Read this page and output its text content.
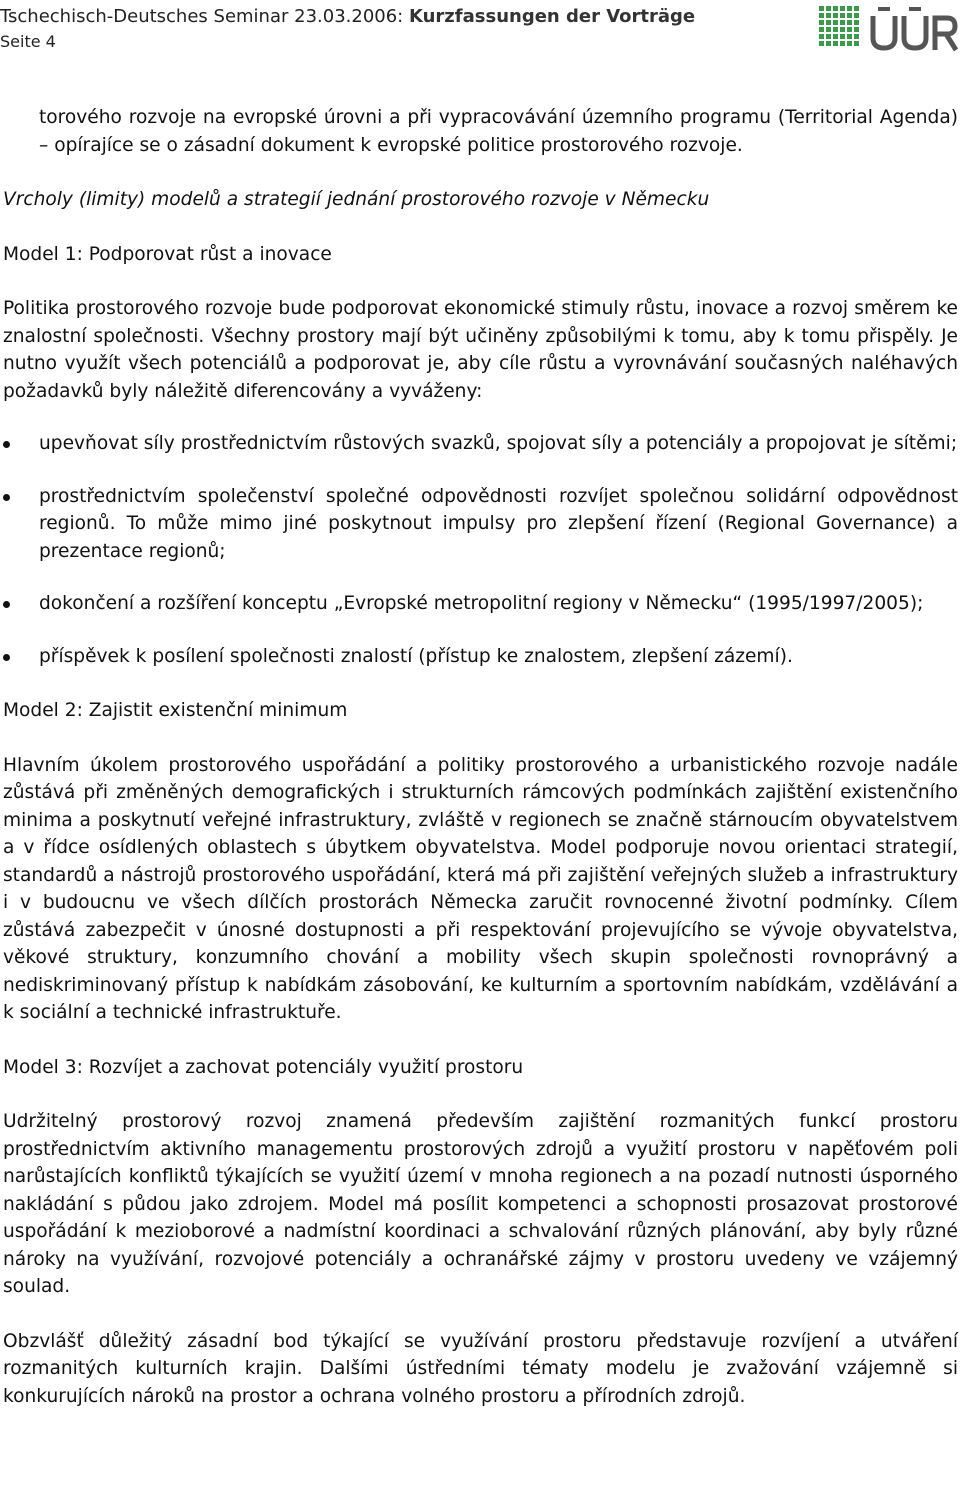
Tschechisch-Deutsches Seminar 23.03.2006: Kurzfassungen der Vorträge
Seite 4

torového rozvoje na evropské úrovni a při vypracovávání územního programu (Territorial Agenda) – opírajíce se o zásadní dokument k evropské politice prostorového rozvoje.

Vrcholy (limity) modelů a strategií jednání prostorového rozvoje v Německu

Model 1: Podporovat růst a inovace

Politika prostorového rozvoje bude podporovat ekonomické stimuly růstu, inovace a rozvoj směrem ke znalostní společnosti. Všechny prostory mají být učiněny způsobilými k tomu, aby k tomu přispěly. Je nutno využít všech potenciálů a podporovat je, aby cíle růstu a vyrovnávání současných naléhavých požadavků byly náležitě diferencovány a vyváženy:

upevňovat síly prostřednictvím růstových svazků, spojovat síly a potenciály a propojovat je sítěmi;
prostřednictvím společenství společné odpovědnosti rozvíjet společnou solidární odpovědnost regionů. To může mimo jiné poskytnout impulsy pro zlepšení řízení (Regional Governance) a prezentace regionů;
dokončení a rozšíření konceptu „Evropské metropolitní regiony v Německu“ (1995/1997/2005);
příspěvek k posílení společnosti znalostí (přístup ke znalostem, zlepšení zázemí).

Model 2: Zajistit existenční minimum

Hlavním úkolem prostorového uspořádání a politiky prostorového a urbanistického rozvoje nadále zůstává při změněných demografických i strukturních rámcových podmínkách zajištění existenčního minima a poskytnutí veřejné infrastruktury, zvláště v regionech se značně stárnoucím obyvatelstvem a v řídce osídlených oblastech s úbytkem obyvatelstva. Model podporuje novou orientaci strategií, standardů a nástrojů prostorového uspořádání, která má při zajištění veřejných služeb a infrastruktury i v budoucnu ve všech dílčích prostorách Německa zaručit rovnocenné životní podmínky. Cílem zůstává zabezpečit v únosné dostupnosti a při respektování projevujícího se vývoje obyvatelstva, věkové struktury, konzumního chování a mobility všech skupin společnosti rovnoprávný a nediskriminovaný přístup k nabídkám zásobování, ke kulturním a sportovním nabídkám, vzdělávání a k sociální a technické infrastruktuře.

Model 3: Rozvíjet a zachovat potenciály využití prostoru

Udržitelný prostorový rozvoj znamená především zajištění rozmanitých funkcí prostoru prostřednictvím aktivního managementu prostorových zdrojů a využití prostoru v napěťovém poli narůstajících konfliktů týkajících se využití území v mnoha regionech a na pozadí nutnosti úsporného nakládání s půdou jako zdrojem. Model má posílit kompetenci a schopnosti prosazovat prostorové uspořádání k mezioborové a nadmístní koordinaci a schvalování různých plánování, aby byly různé nároky na využívání, rozvojové potenciály a ochranářské zájmy v prostoru uvedeny ve vzájemný soulad.

Obzvlášť důležitý zásadní bod týkající se využívání prostoru představuje rozvíjení a utváření rozmanitých kulturních krajin. Dalšími ústředními tématy modelu je zvažování vzájemně si konkurujících nároků na prostor a ochrana volného prostoru a přírodních zdrojů.
